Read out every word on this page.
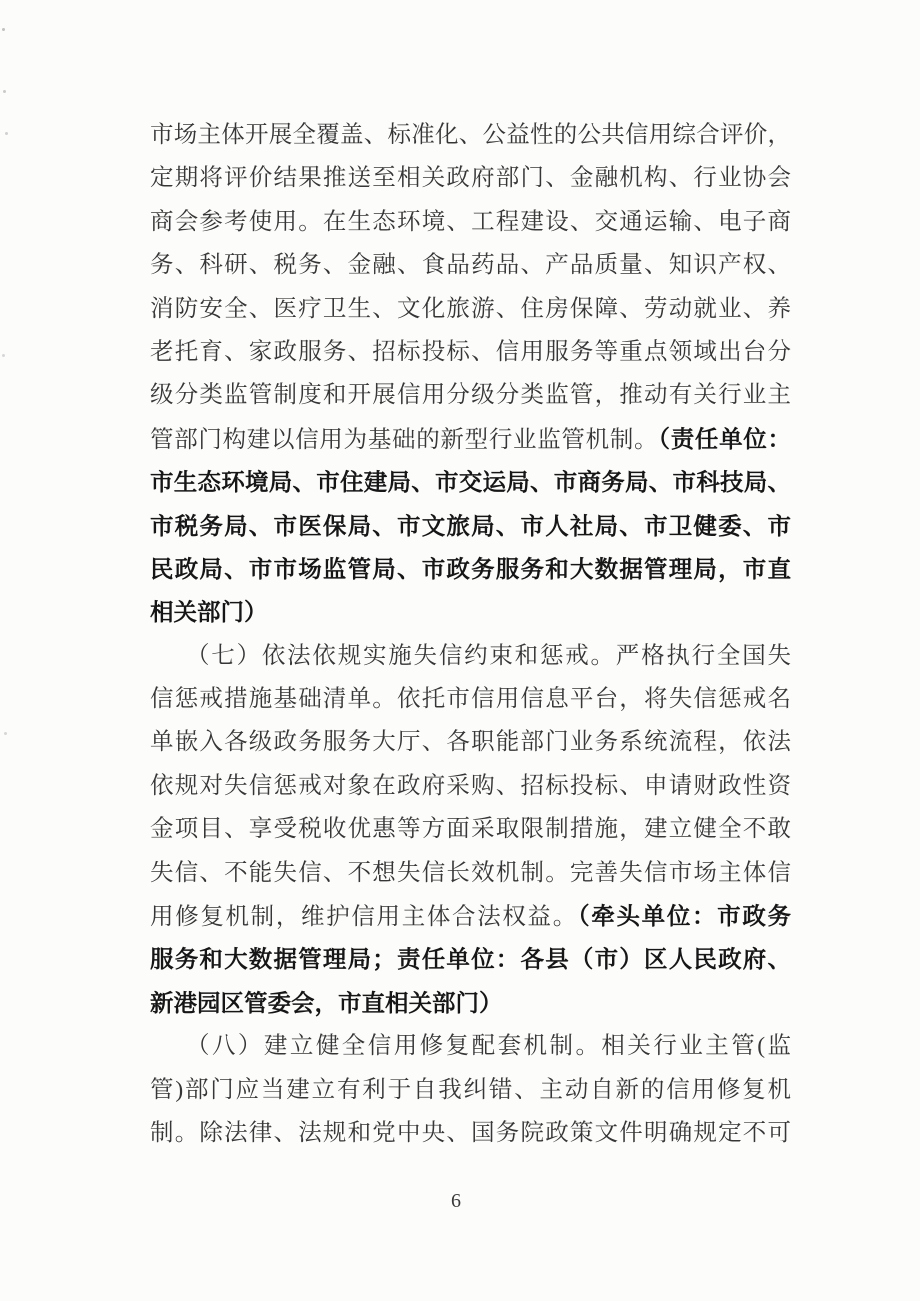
市场主体开展全覆盖、标准化、公益性的公共信用综合评价，
定期将评价结果推送至相关政府部门、金融机构、行业协会
商会参考使用。在生态环境、工程建设、交通运输、电子商
务、科研、税务、金融、食品药品、产品质量、知识产权、
消防安全、医疗卫生、文化旅游、住房保障、劳动就业、养
老托育、家政服务、招标投标、信用服务等重点领域出台分
级分类监管制度和开展信用分级分类监管，推动有关行业主
管部门构建以信用为基础的新型行业监管机制。（责任单位：
市生态环境局、市住建局、市交运局、市商务局、市科技局、
市税务局、市医保局、市文旅局、市人社局、市卫健委、市
民政局、市市场监管局、市政务服务和大数据管理局，市直
相关部门）
（七）依法依规实施失信约束和惩戒。严格执行全国失
信惩戒措施基础清单。依托市信用信息平台，将失信惩戒名
单嵌入各级政务服务大厅、各职能部门业务系统流程，依法
依规对失信惩戒对象在政府采购、招标投标、申请财政性资
金项目、享受税收优惠等方面采取限制措施，建立健全不敢
失信、不能失信、不想失信长效机制。完善失信市场主体信
用修复机制，维护信用主体合法权益。（牵头单位：市政务
服务和大数据管理局；责任单位：各县（市）区人民政府、
新港园区管委会，市直相关部门）
（八）建立健全信用修复配套机制。相关行业主管(监
管)部门应当建立有利于自我纠错、主动自新的信用修复机
制。除法律、法规和党中央、国务院政策文件明确规定不可
6
